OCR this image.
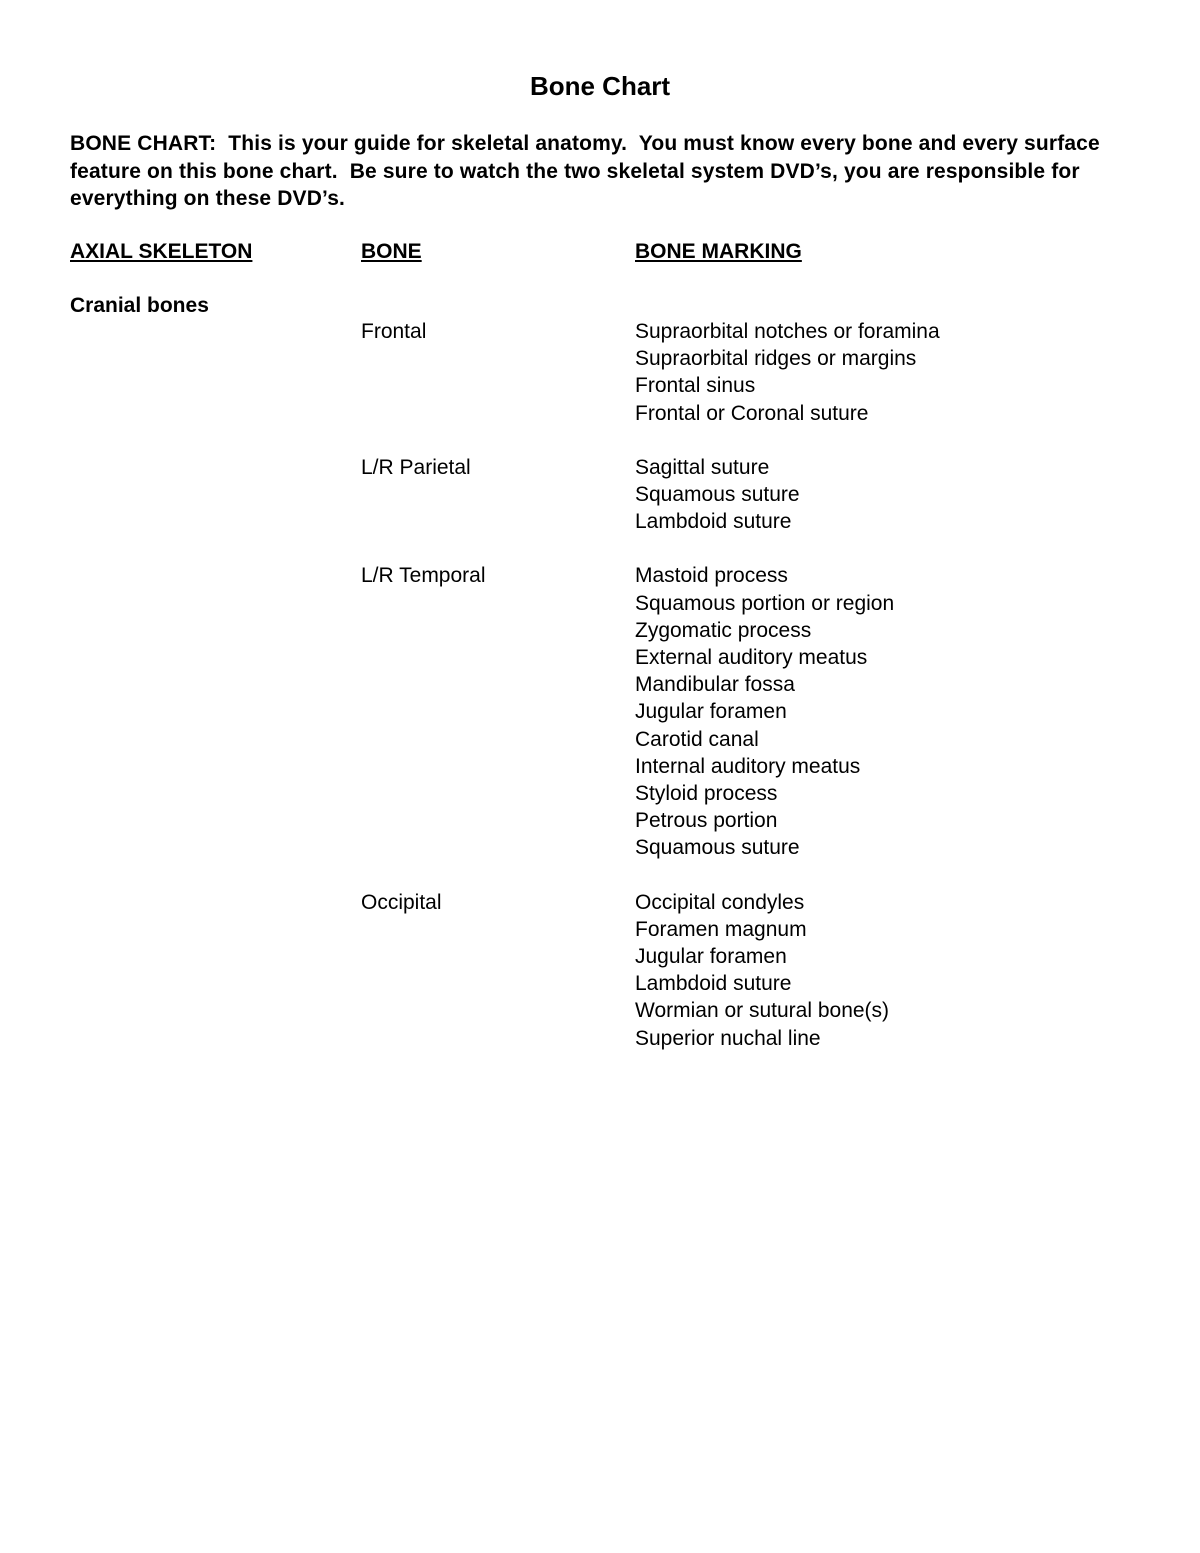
Bone Chart
BONE CHART:  This is your guide for skeletal anatomy.  You must know every bone and every surface feature on this bone chart.  Be sure to watch the two skeletal system DVD’s, you are responsible for everything on these DVD’s.
AXIAL SKELETON	BONE	BONE MARKING
Cranial bones
Frontal	Supraorbital notches or foramina
Supraorbital ridges or margins
Frontal sinus
Frontal or Coronal suture
L/R Parietal	Sagittal suture
Squamous suture
Lambdoid suture
L/R Temporal	Mastoid process
Squamous portion or region
Zygomatic process
External auditory meatus
Mandibular fossa
Jugular foramen
Carotid canal
Internal auditory meatus
Styloid process
Petrous portion
Squamous suture
Occipital	Occipital condyles
Foramen magnum
Jugular foramen
Lambdoid suture
Wormian or sutural bone(s)
Superior nuchal line
